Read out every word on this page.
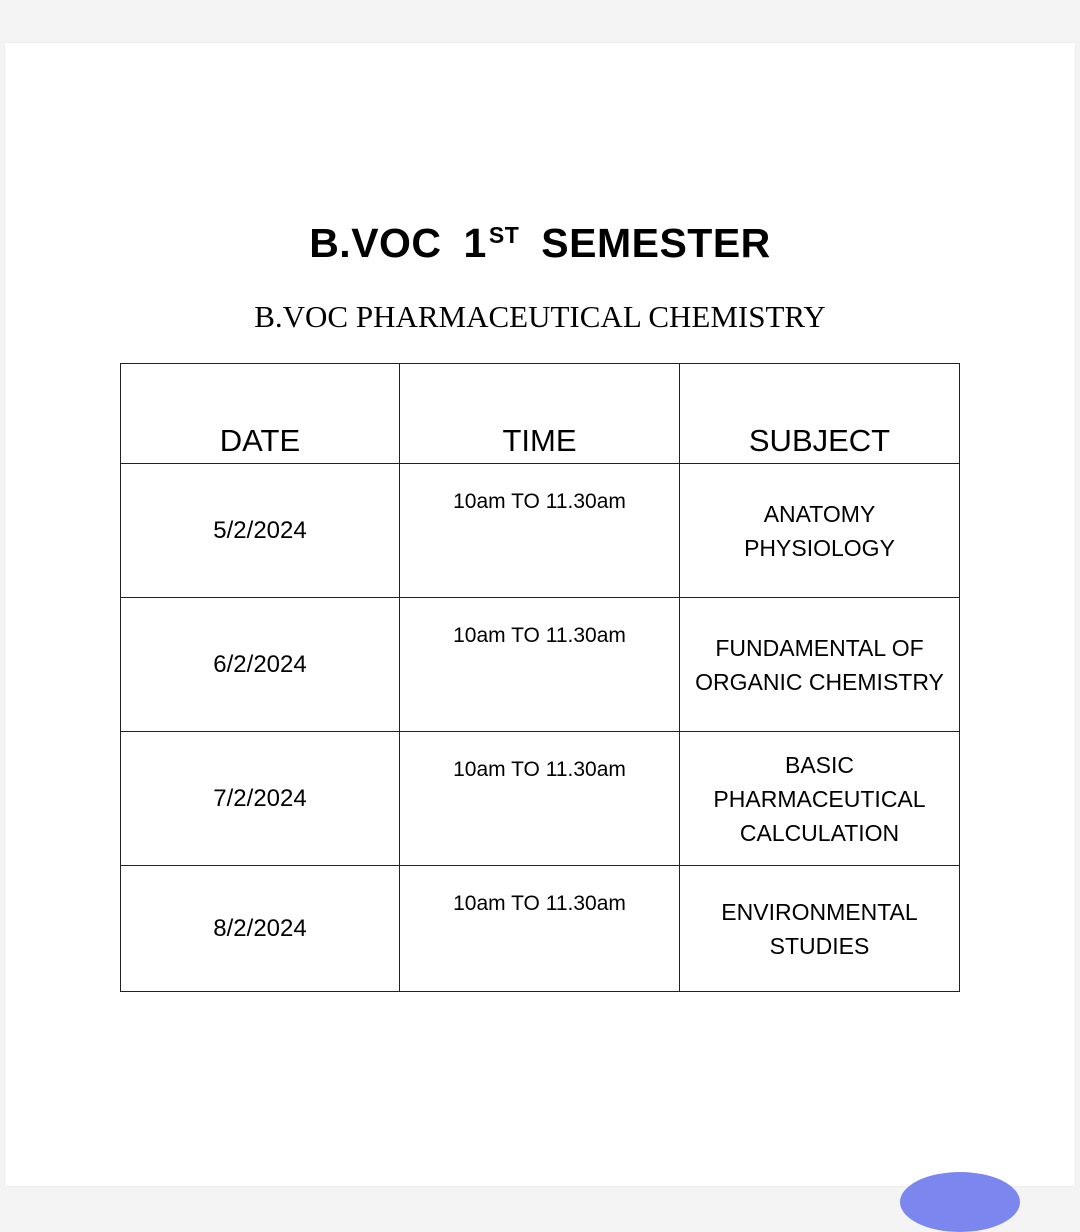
B.VOC 1ST SEMESTER
B.VOC PHARMACEUTICAL CHEMISTRY
DATE	TIME	SUBJECT
5/2/2024	10am TO 11.30am	ANATOMY
PHYSIOLOGY

6/2/2024	10am TO 11.30am	FUNDAMENTAL OF
ORGANIC CHEMISTRY

7/2/2024	10am TO 11.30am	BASIC
PHARMACEUTICAL
CALCULATION

8/2/2024	10am TO 11.30am	ENVIRONMENTAL
STUDIES
